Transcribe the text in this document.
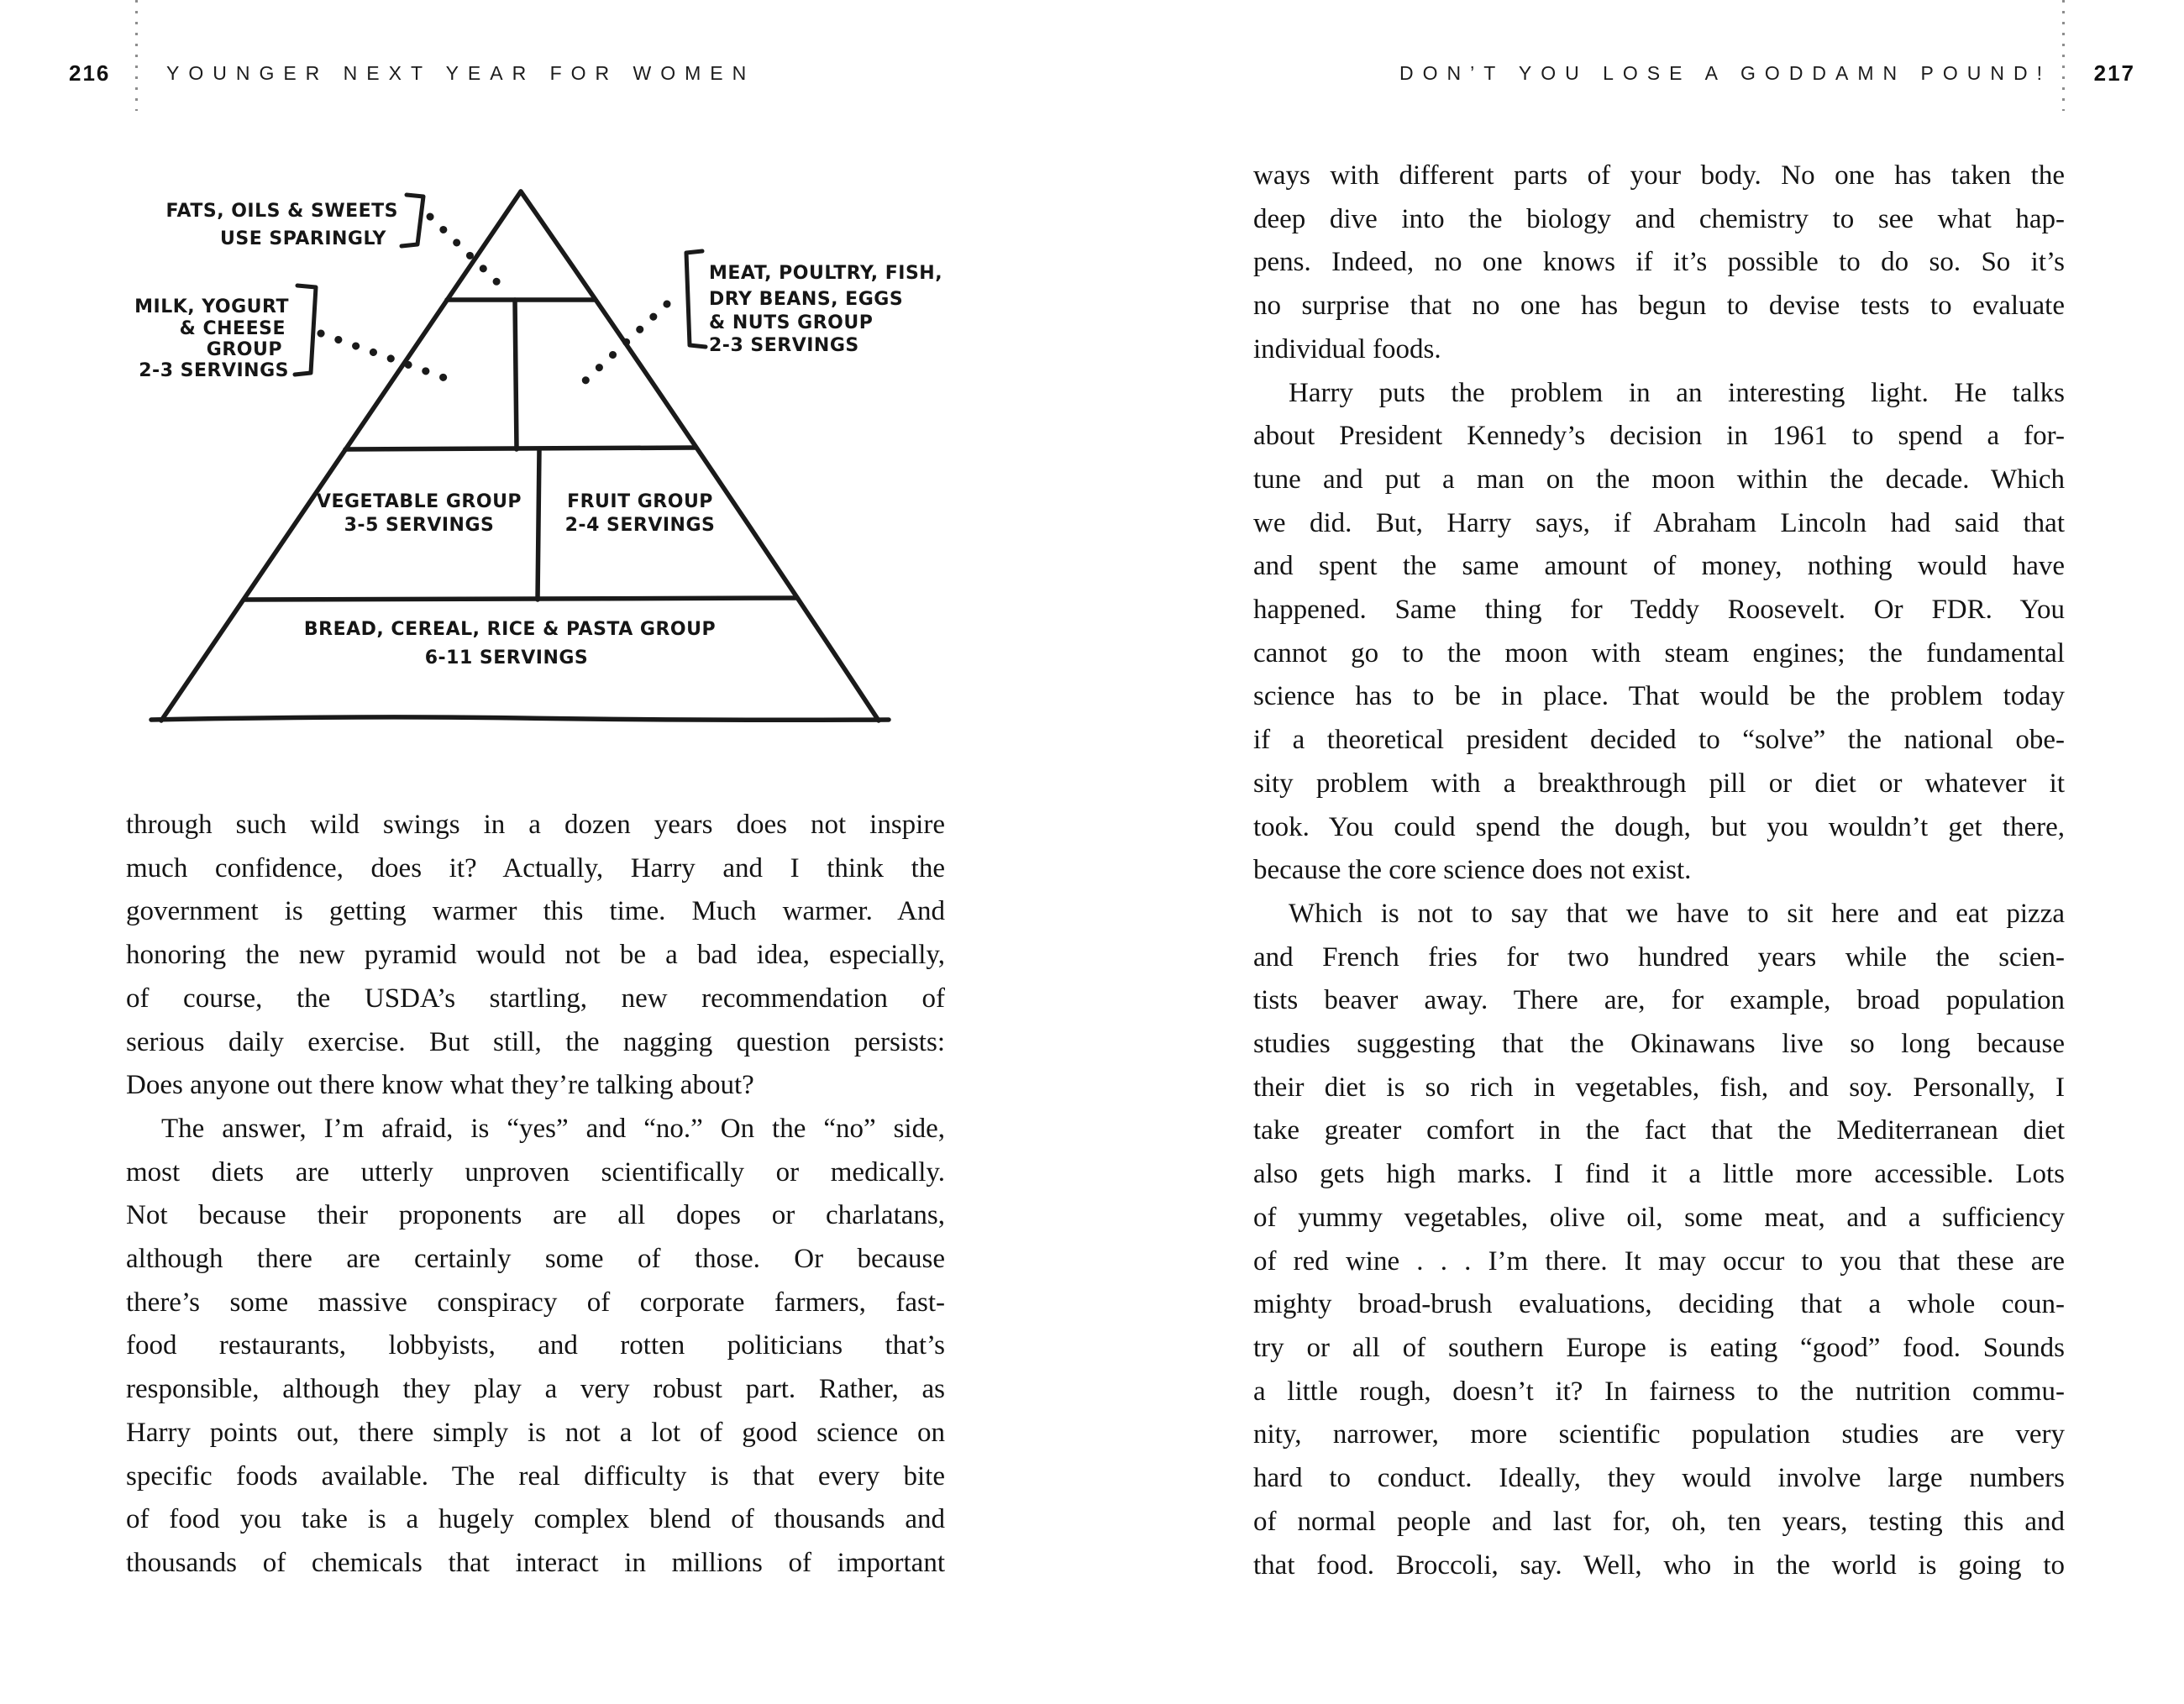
216	YOUNGER NEXT YEAR FOR WOMEN	DON’T YOU LOSE A GODDAMN POUND! 217
FATS, OILS & SWEETS
USE SPARINGLY
MILK, YOGURT
& CHEESE
GROUP
2-3 SERVINGS
MEAT, POULTRY, FISH,
DRY BEANS, EGGS
& NUTS GROUP
2-3 SERVINGS
VEGETABLE GROUP
3-5 SERVINGS
FRUIT GROUP
2-4 SERVINGS
BREAD, CEREAL, RICE & PASTA GROUP
6-11 SERVINGS
through such wild swings in a dozen years does not inspire
much confidence, does it? Actually, Harry and I think the
government is getting warmer this time. Much warmer. And
honoring the new pyramid would not be a bad idea, especially,
of course, the USDA’s startling, new recommendation of
serious daily exercise. But still, the nagging question persists:
Does anyone out there know what they’re talking about?
The answer, I’m afraid, is “yes” and “no.” On the “no” side,
most diets are utterly unproven scientifically or medically.
Not because their proponents are all dopes or charlatans,
although there are certainly some of those. Or because
there’s some massive conspiracy of corporate farmers, fast-
food restaurants, lobbyists, and rotten politicians that’s
responsible, although they play a very robust part. Rather, as
Harry points out, there simply is not a lot of good science on
specific foods available. The real difficulty is that every bite
of food you take is a hugely complex blend of thousands and
thousands of chemicals that interact in millions of important
ways with different parts of your body. No one has taken the
deep dive into the biology and chemistry to see what hap-
pens. Indeed, no one knows if it’s possible to do so. So it’s
no surprise that no one has begun to devise tests to evaluate
individual foods.
Harry puts the problem in an interesting light. He talks
about President Kennedy’s decision in 1961 to spend a for-
tune and put a man on the moon within the decade. Which
we did. But, Harry says, if Abraham Lincoln had said that
and spent the same amount of money, nothing would have
happened. Same thing for Teddy Roosevelt. Or FDR. You
cannot go to the moon with steam engines; the fundamental
science has to be in place. That would be the problem today
if a theoretical president decided to “solve” the national obe-
sity problem with a breakthrough pill or diet or whatever it
took. You could spend the dough, but you wouldn’t get there,
because the core science does not exist.
Which is not to say that we have to sit here and eat pizza
and French fries for two hundred years while the scien-
tists beaver away. There are, for example, broad population
studies suggesting that the Okinawans live so long because
their diet is so rich in vegetables, fish, and soy. Personally, I
take greater comfort in the fact that the Mediterranean diet
also gets high marks. I find it a little more accessible. Lots
of yummy vegetables, olive oil, some meat, and a sufficiency
of red wine . . . I’m there. It may occur to you that these are
mighty broad-brush evaluations, deciding that a whole coun-
try or all of southern Europe is eating “good” food. Sounds
a little rough, doesn’t it? In fairness to the nutrition commu-
nity, narrower, more scientific population studies are very
hard to conduct. Ideally, they would involve large numbers
of normal people and last for, oh, ten years, testing this and
that food. Broccoli, say. Well, who in the world is going to
